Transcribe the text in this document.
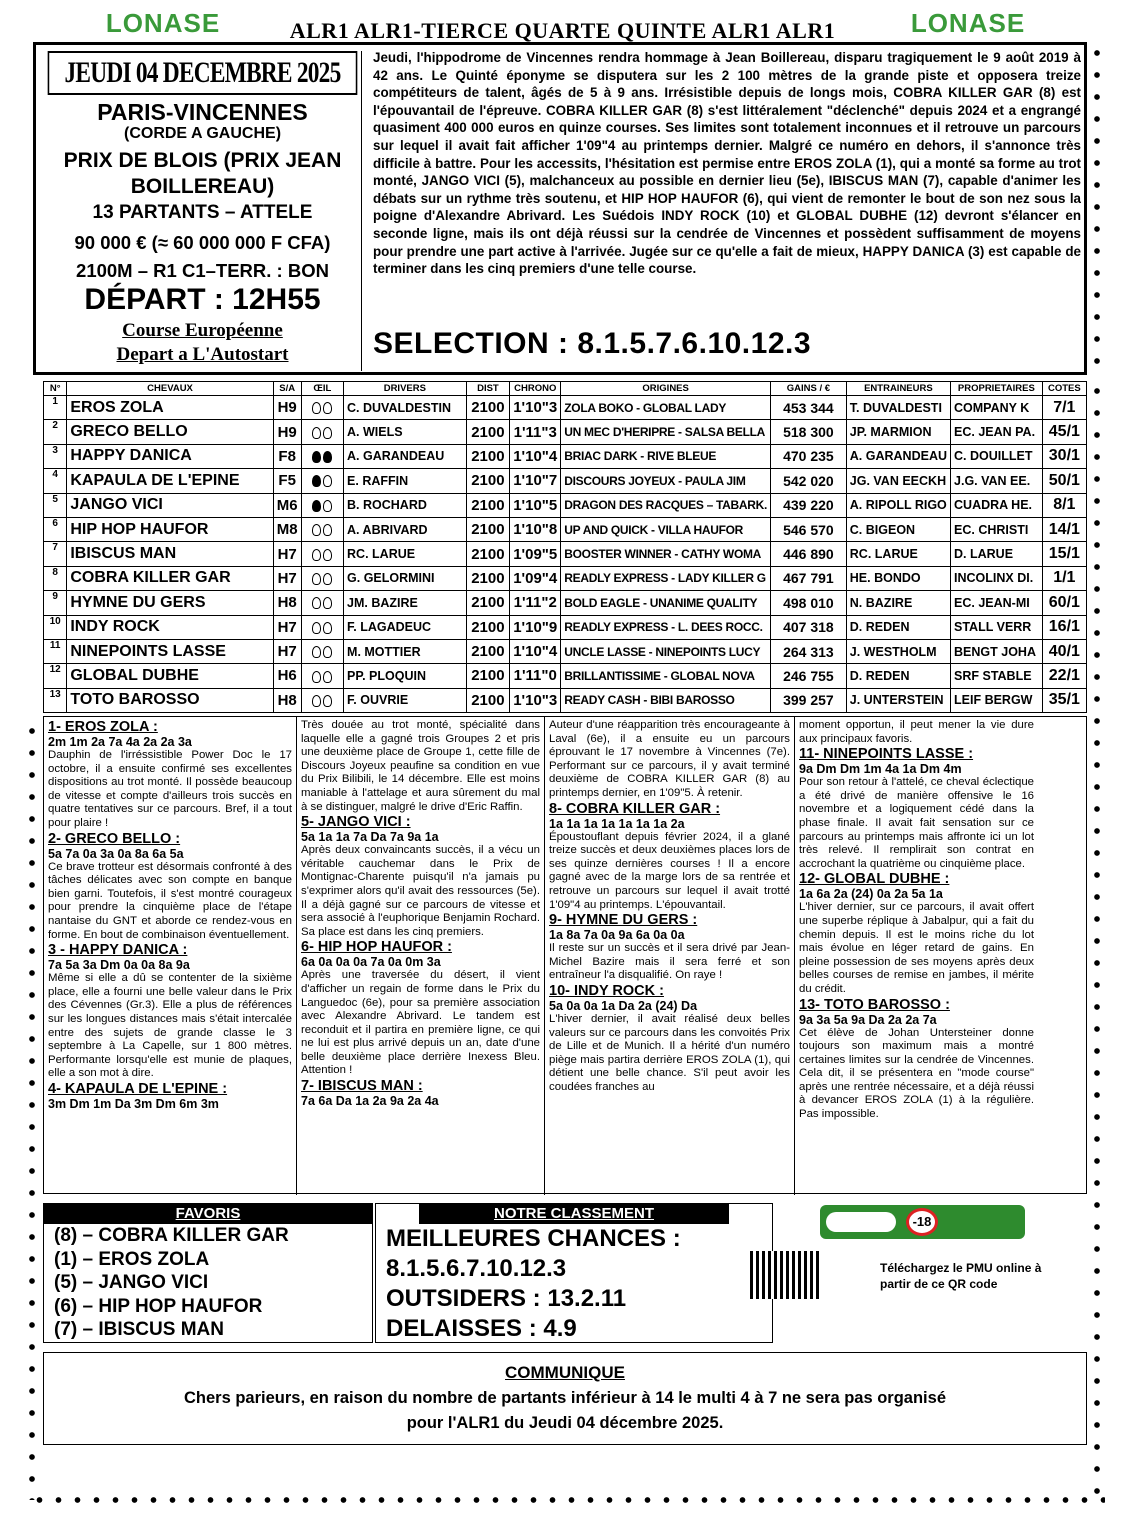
LONASE	LONASE
ALR1 ALR1-TIERCE QUARTE QUINTE ALR1 ALR1
JEUDI 04 DECEMBRE 2025
PARIS-VINCENNES
(CORDE A GAUCHE)
PRIX DE BLOIS (PRIX JEAN BOILLEREAU)
13 PARTANTS – ATTELE
90 000 € (≈ 60 000 000 F CFA)
2100M – R1 C1–TERR. : BON
DÉPART : 12H55
Course Européenne
Depart a L'Autostart
Jeudi, l'hippodrome de Vincennes rendra hommage à Jean Boillereau, disparu tragiquement le 9 août 2019 à 42 ans. Le Quinté éponyme se disputera sur les 2 100 mètres de la grande piste et opposera treize compétiteurs de talent, âgés de 5 à 9 ans. Irrésistible depuis de longs mois, COBRA KILLER GAR (8) est l'épouvantail de l'épreuve. COBRA KILLER GAR (8) s'est littéralement "déclenché" depuis 2024 et a engrangé quasiment 400 000 euros en quinze courses. Ses limites sont totalement inconnues et il retrouve un parcours sur lequel il avait fait afficher 1'09"4 au printemps dernier. Malgré ce numéro en dehors, il s'annonce très difficile à battre. Pour les accessits, l'hésitation est permise entre EROS ZOLA (1), qui a monté sa forme au trot monté, JANGO VICI (5), malchanceux au possible en dernier lieu (5e), IBISCUS MAN (7), capable d'animer les débats sur un rythme très soutenu, et HIP HOP HAUFOR (6), qui vient de remonter le bout de son nez sous la poigne d'Alexandre Abrivard. Les Suédois INDY ROCK (10) et GLOBAL DUBHE (12) devront s'élancer en seconde ligne, mais ils ont déjà réussi sur la cendrée de Vincennes et possèdent suffisamment de moyens pour prendre une part active à l'arrivée. Jugée sur ce qu'elle a fait de mieux, HAPPY DANICA (3) est capable de terminer dans les cinq premiers d'une telle course.
SELECTION : 8.1.5.7.6.10.12.3
N°	CHEVAUX	S/A	ŒIL	DRIVERS	DIST	CHRONO	ORIGINES	GAINS / €	ENTRAINEURS	PROPRIETAIRES	COTES
1	EROS ZOLA	H9		C. DUVALDESTIN	2100	1'10"3	ZOLA BOKO - GLOBAL LADY	453 344	T. DUVALDESTI	COMPANY K	7/1
2	GRECO BELLO	H9		A. WIELS	2100	1'11"3	UN MEC D'HERIPRE - SALSA BELLA	518 300	JP. MARMION	EC. JEAN PA.	45/1
3	HAPPY DANICA	F8		A. GARANDEAU	2100	1'10"4	BRIAC DARK - RIVE BLEUE	470 235	A. GARANDEAU	C. DOUILLET	30/1
4	KAPAULA DE L'EPINE	F5		E. RAFFIN	2100	1'10"7	DISCOURS JOYEUX - PAULA JIM	542 020	JG. VAN EECKH	J.G. VAN EE.	50/1
5	JANGO VICI	M6		B. ROCHARD	2100	1'10"5	DRAGON DES RACQUES – TABARK.	439 220	A. RIPOLL RIGO	CUADRA HE.	8/1
6	HIP HOP HAUFOR	M8		A. ABRIVARD	2100	1'10"8	UP AND QUICK - VILLA HAUFOR	546 570	C. BIGEON	EC. CHRISTI	14/1
7	IBISCUS MAN	H7		RC. LARUE	2100	1'09"5	BOOSTER WINNER - CATHY WOMA	446 890	RC. LARUE	D. LARUE	15/1
8	COBRA KILLER GAR	H7		G. GELORMINI	2100	1'09"4	READLY EXPRESS - LADY KILLER G	467 791	HE. BONDO	INCOLINX DI.	1/1
9	HYMNE DU GERS	H8		JM. BAZIRE	2100	1'11"2	BOLD EAGLE - UNANIME QUALITY	498 010	N. BAZIRE	EC. JEAN-MI	60/1
10	INDY ROCK	H7		F. LAGADEUC	2100	1'10"9	READLY EXPRESS - L. DEES ROCC.	407 318	D. REDEN	STALL VERR	16/1
11	NINEPOINTS LASSE	H7		M. MOTTIER	2100	1'10"4	UNCLE LASSE - NINEPOINTS LUCY	264 313	J. WESTHOLM	BENGT JOHA	40/1
12	GLOBAL DUBHE	H6		PP. PLOQUIN	2100	1'11"0	BRILLANTISSIME - GLOBAL NOVA	246 755	D. REDEN	SRF STABLE	22/1
13	TOTO BAROSSO	H8		F. OUVRIE	2100	1'10"3	READY CASH - BIBI BAROSSO	399 257	J. UNTERSTEIN	LEIF BERGW	35/1
1- EROS ZOLA :
2m 1m 2a 7a 4a 2a 2a 3a
Dauphin de l'irréssistible Power Doc le 17 octobre, il a ensuite confirmé ses excellentes dispositions au trot monté. Il possède beaucoup de vitesse et compte d'ailleurs trois succès en quatre tentatives sur ce parcours. Bref, il a tout pour plaire !
2- GRECO BELLO :
5a 7a 0a 3a 0a 8a 6a 5a
Ce brave trotteur est désormais confronté à des tâches délicates avec son compte en banque bien garni. Toutefois, il s'est montré courageux pour prendre la cinquième place de l'étape nantaise du GNT et aborde ce rendez-vous en forme. En bout de combinaison éventuellement.
3 - HAPPY DANICA :
7a 5a 3a Dm 0a 0a 8a 9a
Même si elle a dû se contenter de la sixième place, elle a fourni une belle valeur dans le Prix des Cévennes (Gr.3). Elle a plus de références sur les longues distances mais s'était intercalée entre des sujets de grande classe le 3 septembre à La Capelle, sur 1 800 mètres. Performante lorsqu'elle est munie de plaques, elle a son mot à dire.
4- KAPAULA DE L'EPINE :
3m Dm 1m Da 3m Dm 6m 3m
Très douée au trot monté, spécialité dans laquelle elle a gagné trois Groupes 2 et pris une deuxième place de Groupe 1, cette fille de Discours Joyeux peaufine sa condition en vue du Prix Bilibili, le 14 décembre. Elle est moins maniable à l'attelage et aura sûrement du mal à se distinguer, malgré le drive d'Eric Raffin.
5- JANGO VICI :
5a 1a 1a 7a Da 7a 9a 1a
Après deux convaincants succès, il a vécu un véritable cauchemar dans le Prix de Montignac-Charente puisqu'il n'a jamais pu s'exprimer alors qu'il avait des ressources (5e). Il a déjà gagné sur ce parcours de vitesse et sera associé à l'euphorique Benjamin Rochard. Sa place est dans les cinq premiers.
6- HIP HOP HAUFOR :
6a 0a 0a 0a 7a 0a 0m 3a
Après une traversée du désert, il vient d'afficher un regain de forme dans le Prix du Languedoc (6e), pour sa première association avec Alexandre Abrivard. Le tandem est reconduit et il partira en première ligne, ce qui ne lui est plus arrivé depuis un an, date d'une belle deuxième place derrière Inexess Bleu. Attention !
7- IBISCUS MAN :
7a 6a Da 1a 2a 9a 2a 4a
Auteur d'une réapparition très encourageante à Laval (6e), il a ensuite eu un parcours éprouvant le 17 novembre à Vincennes (7e). Performant sur ce parcours, il y avait terminé deuxième de COBRA KILLER GAR (8) au printemps dernier, en 1'09"5. À retenir.
8- COBRA KILLER GAR :
1a 1a 1a 1a 1a 1a 1a 2a
Époustouflant depuis février 2024, il a glané treize succès et deux deuxièmes places lors de ses quinze dernières courses ! Il a encore gagné avec de la marge lors de sa rentrée et retrouve un parcours sur lequel il avait trotté 1'09"4 au printemps. L'épouvantail.
9- HYMNE DU GERS :
1a 8a 7a 0a 9a 6a 0a 0a
Il reste sur un succès et il sera drivé par Jean-Michel Bazire mais il sera ferré et son entraîneur l'a disqualifié. On raye !
10- INDY ROCK :
5a 0a 0a 1a Da 2a (24) Da
L'hiver dernier, il avait réalisé deux belles valeurs sur ce parcours dans les convoités Prix de Lille et de Munich. Il a hérité d'un numéro piège mais partira derrière EROS ZOLA (1), qui détient une belle chance. S'il peut avoir les coudées franches au
moment opportun, il peut mener la vie dure aux principaux favoris.
11- NINEPOINTS LASSE :
9a Dm Dm 1m 4a 1a Dm 4m
Pour son retour à l'attelé, ce cheval éclectique a été drivé de manière offensive le 16 novembre et a logiquement cédé dans la phase finale. Il avait fait sensation sur ce parcours au printemps mais affronte ici un lot très relevé. Il remplirait son contrat en accrochant la quatrième ou cinquième place.
12- GLOBAL DUBHE :
1a 6a 2a (24) 0a 2a 5a 1a
L'hiver dernier, sur ce parcours, il avait offert une superbe réplique à Jabalpur, qui a fait du chemin depuis. Il est le moins riche du lot mais évolue en léger retard de gains. En pleine possession de ses moyens après deux belles courses de remise en jambes, il mérite du crédit.
13- TOTO BAROSSO :
9a 3a 5a 9a Da 2a 2a 7a
Cet élève de Johan Untersteiner donne toujours son maximum mais a montré certaines limites sur la cendrée de Vincennes. Cela dit, il se présentera en "mode course" après une rentrée nécessaire, et a déjà réussi à devancer EROS ZOLA (1) à la régulière. Pas impossible.
FAVORIS
(8) – COBRA KILLER GAR
(1) – EROS ZOLA
(5) – JANGO VICI
(6) – HIP HOP HAUFOR
(7) – IBISCUS MAN
NOTRE CLASSEMENT
MEILLEURES CHANCES :
8.1.5.6.7.10.12.3
OUTSIDERS : 13.2.11
DELAISSES : 4.9
-18
Téléchargez le PMU online à partir de ce QR code
COMMUNIQUE
Chers parieurs, en raison du nombre de partants inférieur à 14 le multi 4 à 7 ne sera pas organisé
pour l'ALR1 du Jeudi 04 décembre 2025.
